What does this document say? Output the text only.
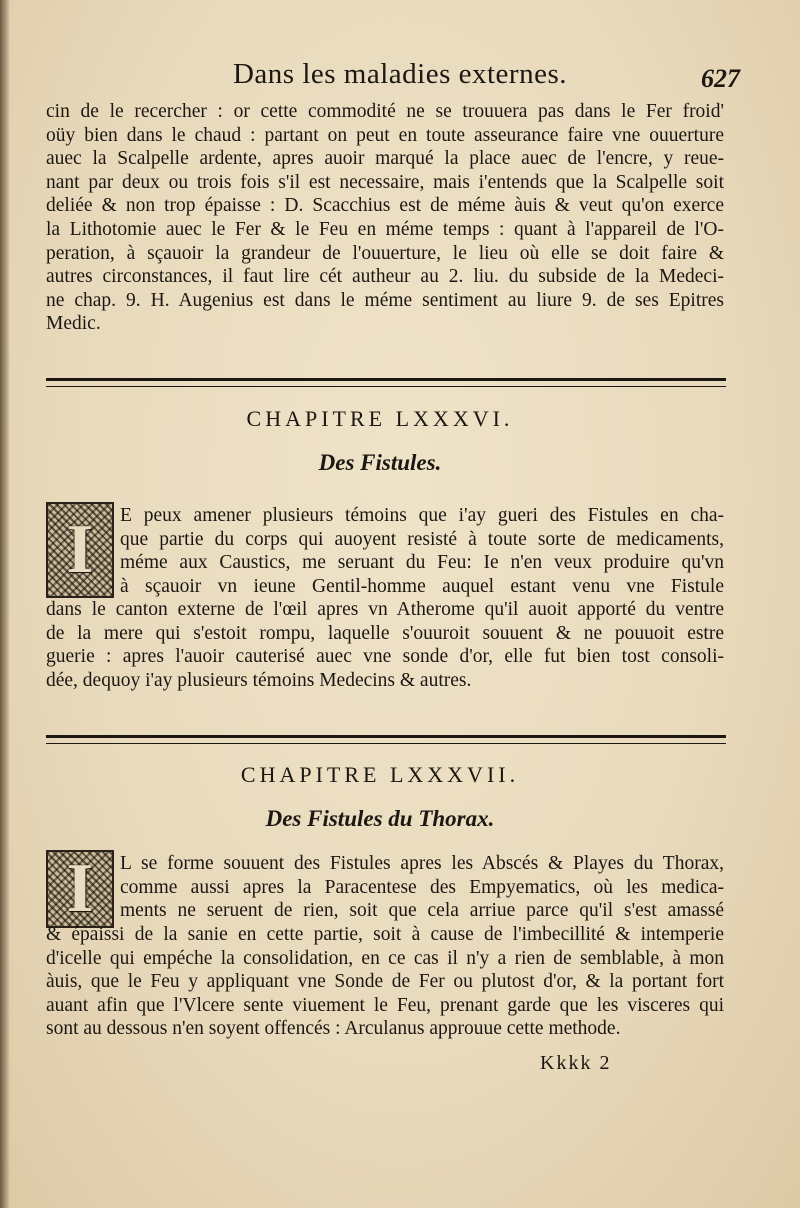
Dans les maladies externes.	627
cin de le recercher : or cette commodité ne se trouuera pas dans le Fer froid'
oüy bien dans le chaud : partant on peut en toute asseurance faire vne ouuerture
auec la Scalpelle ardente, apres auoir marqué la place auec de l'encre, y reue-
nant par deux ou trois fois s'il est necessaire, mais i'entends que la Scalpelle soit
deliée & non trop épaisse : D. Scacchius est de méme àuis & veut qu'on exerce
la Lithotomie auec le Fer & le Feu en méme temps : quant à l'appareil de l'O-
peration, à sçauoir la grandeur de l'ouuerture, le lieu où elle se doit faire &
autres circonstances, il faut lire cét autheur au 2. liu. du subside de la Medeci-
ne chap. 9. H. Augenius est dans le méme sentiment au liure 9. de ses Epitres
Medic.
CHAPITRE LXXXVI.
Des Fistules.
I	E peux amener plusieurs témoins que i'ay gueri des Fistules en cha-
que partie du corps qui auoyent resisté à toute sorte de medicaments,
méme aux Caustics, me seruant du Feu: Ie n'en veux produire qu'vn
à sçauoir vn ieune Gentil-homme auquel estant venu vne Fistule
dans le canton externe de l'œil apres vn Atherome qu'il auoit apporté du ventre
de la mere qui s'estoit rompu, laquelle s'ouuroit souuent & ne pouuoit estre
guerie : apres l'auoir cauterisé auec vne sonde d'or, elle fut bien tost consoli-
dée, dequoy i'ay plusieurs témoins Medecins & autres.
CHAPITRE LXXXVII.
Des Fistules du Thorax.
I	L se forme souuent des Fistules apres les Abscés & Playes du Thorax,
comme aussi apres la Paracentese des Empyematics, où les medica-
ments ne seruent de rien, soit que cela arriue parce qu'il s'est amassé
& épaissi de la sanie en cette partie, soit à cause de l'imbecillité & intemperie
d'icelle qui empéche la consolidation, en ce cas il n'y a rien de semblable, à mon
àuis, que le Feu y appliquant vne Sonde de Fer ou plutost d'or, & la portant fort
auant afin que l'Vlcere sente viuement le Feu, prenant garde que les visceres qui
sont au dessous n'en soyent offencés : Arculanus approuue cette methode.
Kkkk 2
